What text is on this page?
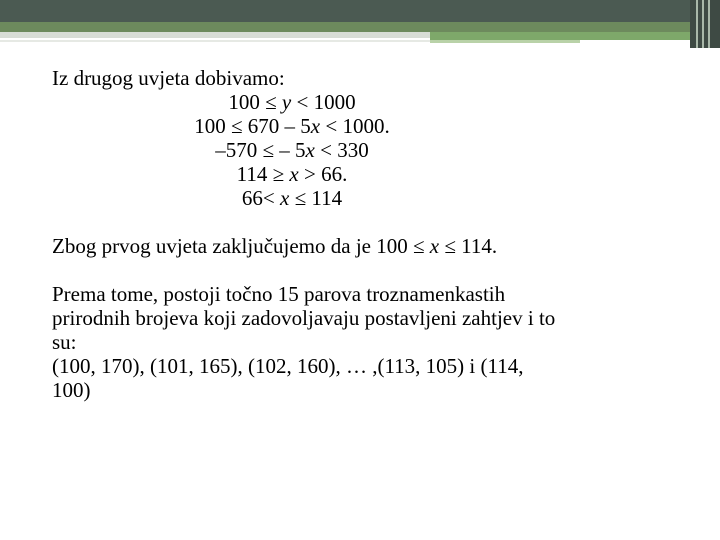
Iz drugog uvjeta dobivamo:
100 ≤ y < 1000
100 ≤ 670 – 5x < 1000.
–570 ≤ – 5x < 330
114 ≥ x > 66.
66< x ≤ 114
Zbog prvog uvjeta zaključujemo da je 100 ≤ x ≤ 114.
Prema tome, postoji točno 15 parova troznamenkastih
prirodnih brojeva koji zadovoljavaju postavljeni zahtjev i to
su:
(100, 170), (101, 165), (102, 160), … ,(113, 105) i (114,
100)
